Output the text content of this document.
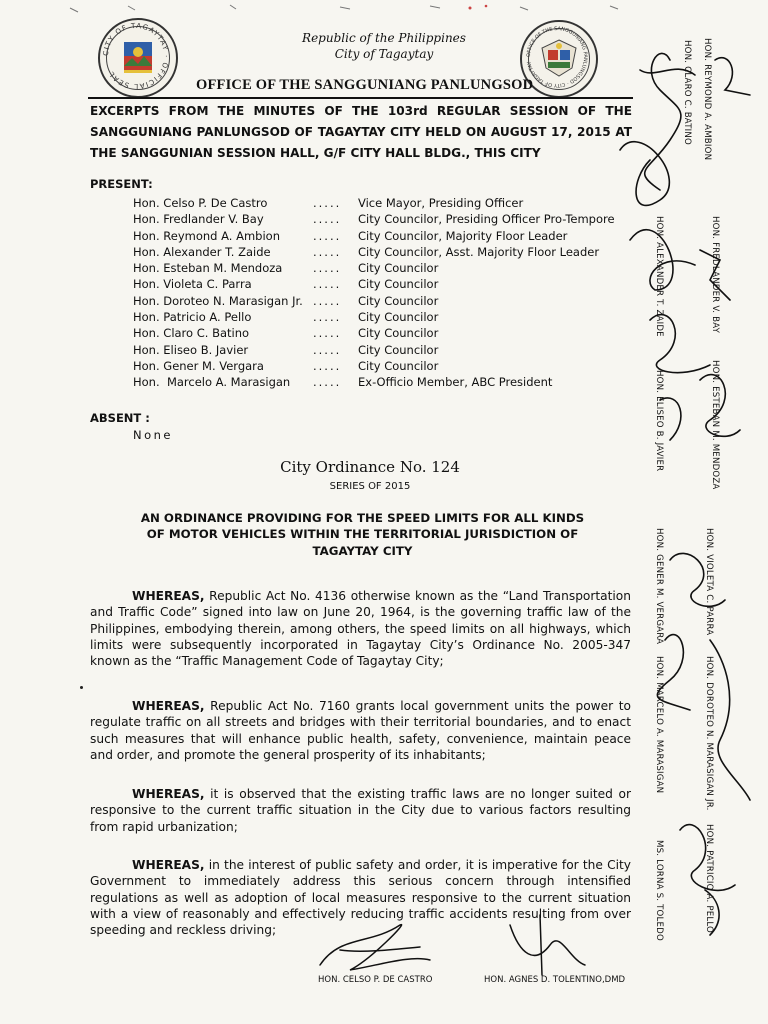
CITY OF TAGAYTAY · OFFICIAL SEAL
OFFICE OF THE SANGGUNIANG PANLUNGSOD · CITY OF TAGAYTAY
Republic of the Philippines
City of Tagaytay
OFFICE OF THE SANGGUNIANG PANLUNGSOD
EXCERPTS FROM THE MINUTES OF THE 103rd REGULAR SESSION OF THE SANGGUNIANG PANLUNGSOD OF TAGAYTAY CITY HELD ON AUGUST 17, 2015 AT THE SANGGUNIAN SESSION HALL, G/F CITY HALL BLDG., THIS CITY
PRESENT:
Hon. Celso P. De Castro	.....	Vice Mayor, Presiding Officer
Hon. Fredlander V. Bay	.....	City Councilor, Presiding Officer Pro-Tempore
Hon. Reymond A. Ambion	.....	City Councilor, Majority Floor Leader
Hon. Alexander T. Zaide	.....	City Councilor, Asst. Majority Floor Leader
Hon. Esteban M. Mendoza	.....	City Councilor
Hon. Violeta C. Parra	.....	City Councilor
Hon. Doroteo N. Marasigan Jr. .....	City Councilor
Hon. Patricio A. Pello	.....	City Councilor
Hon. Claro C. Batino	.....	City Councilor
Hon. Eliseo B. Javier	.....	City Councilor
Hon. Gener M. Vergara	.....	City Councilor
Hon.  Marcelo A. Marasigan	.....	Ex-Officio Member, ABC President
ABSENT :
None
City Ordinance No. 124
SERIES OF 2015
AN ORDINANCE PROVIDING FOR THE SPEED LIMITS FOR ALL KINDS OF MOTOR VEHICLES WITHIN THE TERRITORIAL JURISDICTION OF TAGAYTAY CITY
WHEREAS, Republic Act No. 4136 otherwise known as the “Land Transportation and Traffic Code” signed into law on June 20, 1964, is the governing traffic law of the Philippines, embodying therein, among others, the speed limits on all highways, which limits were subsequently incorporated in Tagaytay City’s Ordinance No. 2005-347 known as the “Traffic Management Code of Tagaytay City;
WHEREAS, Republic Act No. 7160 grants local government units the power to regulate traffic on all streets and bridges with their territorial boundaries, and to enact such measures that will enhance public health, safety, convenience, maintain peace and order, and promote the general prosperity of its inhabitants;
WHEREAS, it is observed that the existing traffic laws are no longer suited or responsive to the current traffic situation in the City due to various factors resulting from rapid urbanization;
WHEREAS, in the interest of public safety and order, it is imperative for the City Government to immediately address this serious concern through intensified regulations as well as adoption of local measures responsive to the current situation with a view of reasonably and effectively reducing traffic accidents resulting from over speeding and reckless driving;
HON. REYMOND A. AMBION
HON. CLARO C. BATINO
HON. FREDLANDER V. BAY
HON. ALEXANDER T. ZAIDE
HON. ESTEBAN M. MENDOZA
HON. ELISEO B. JAVIER
HON. VIOLETA C. PARRA
HON. GENER M. VERGARA
HON. DOROTEO N. MARASIGAN JR.
HON. MARCELO A. MARASIGAN
HON. PATRICIO A. PELLO
MS. LORNA S. TOLEDO
HON. CELSO P. DE CASTRO	HON. AGNES D. TOLENTINO,DMD
